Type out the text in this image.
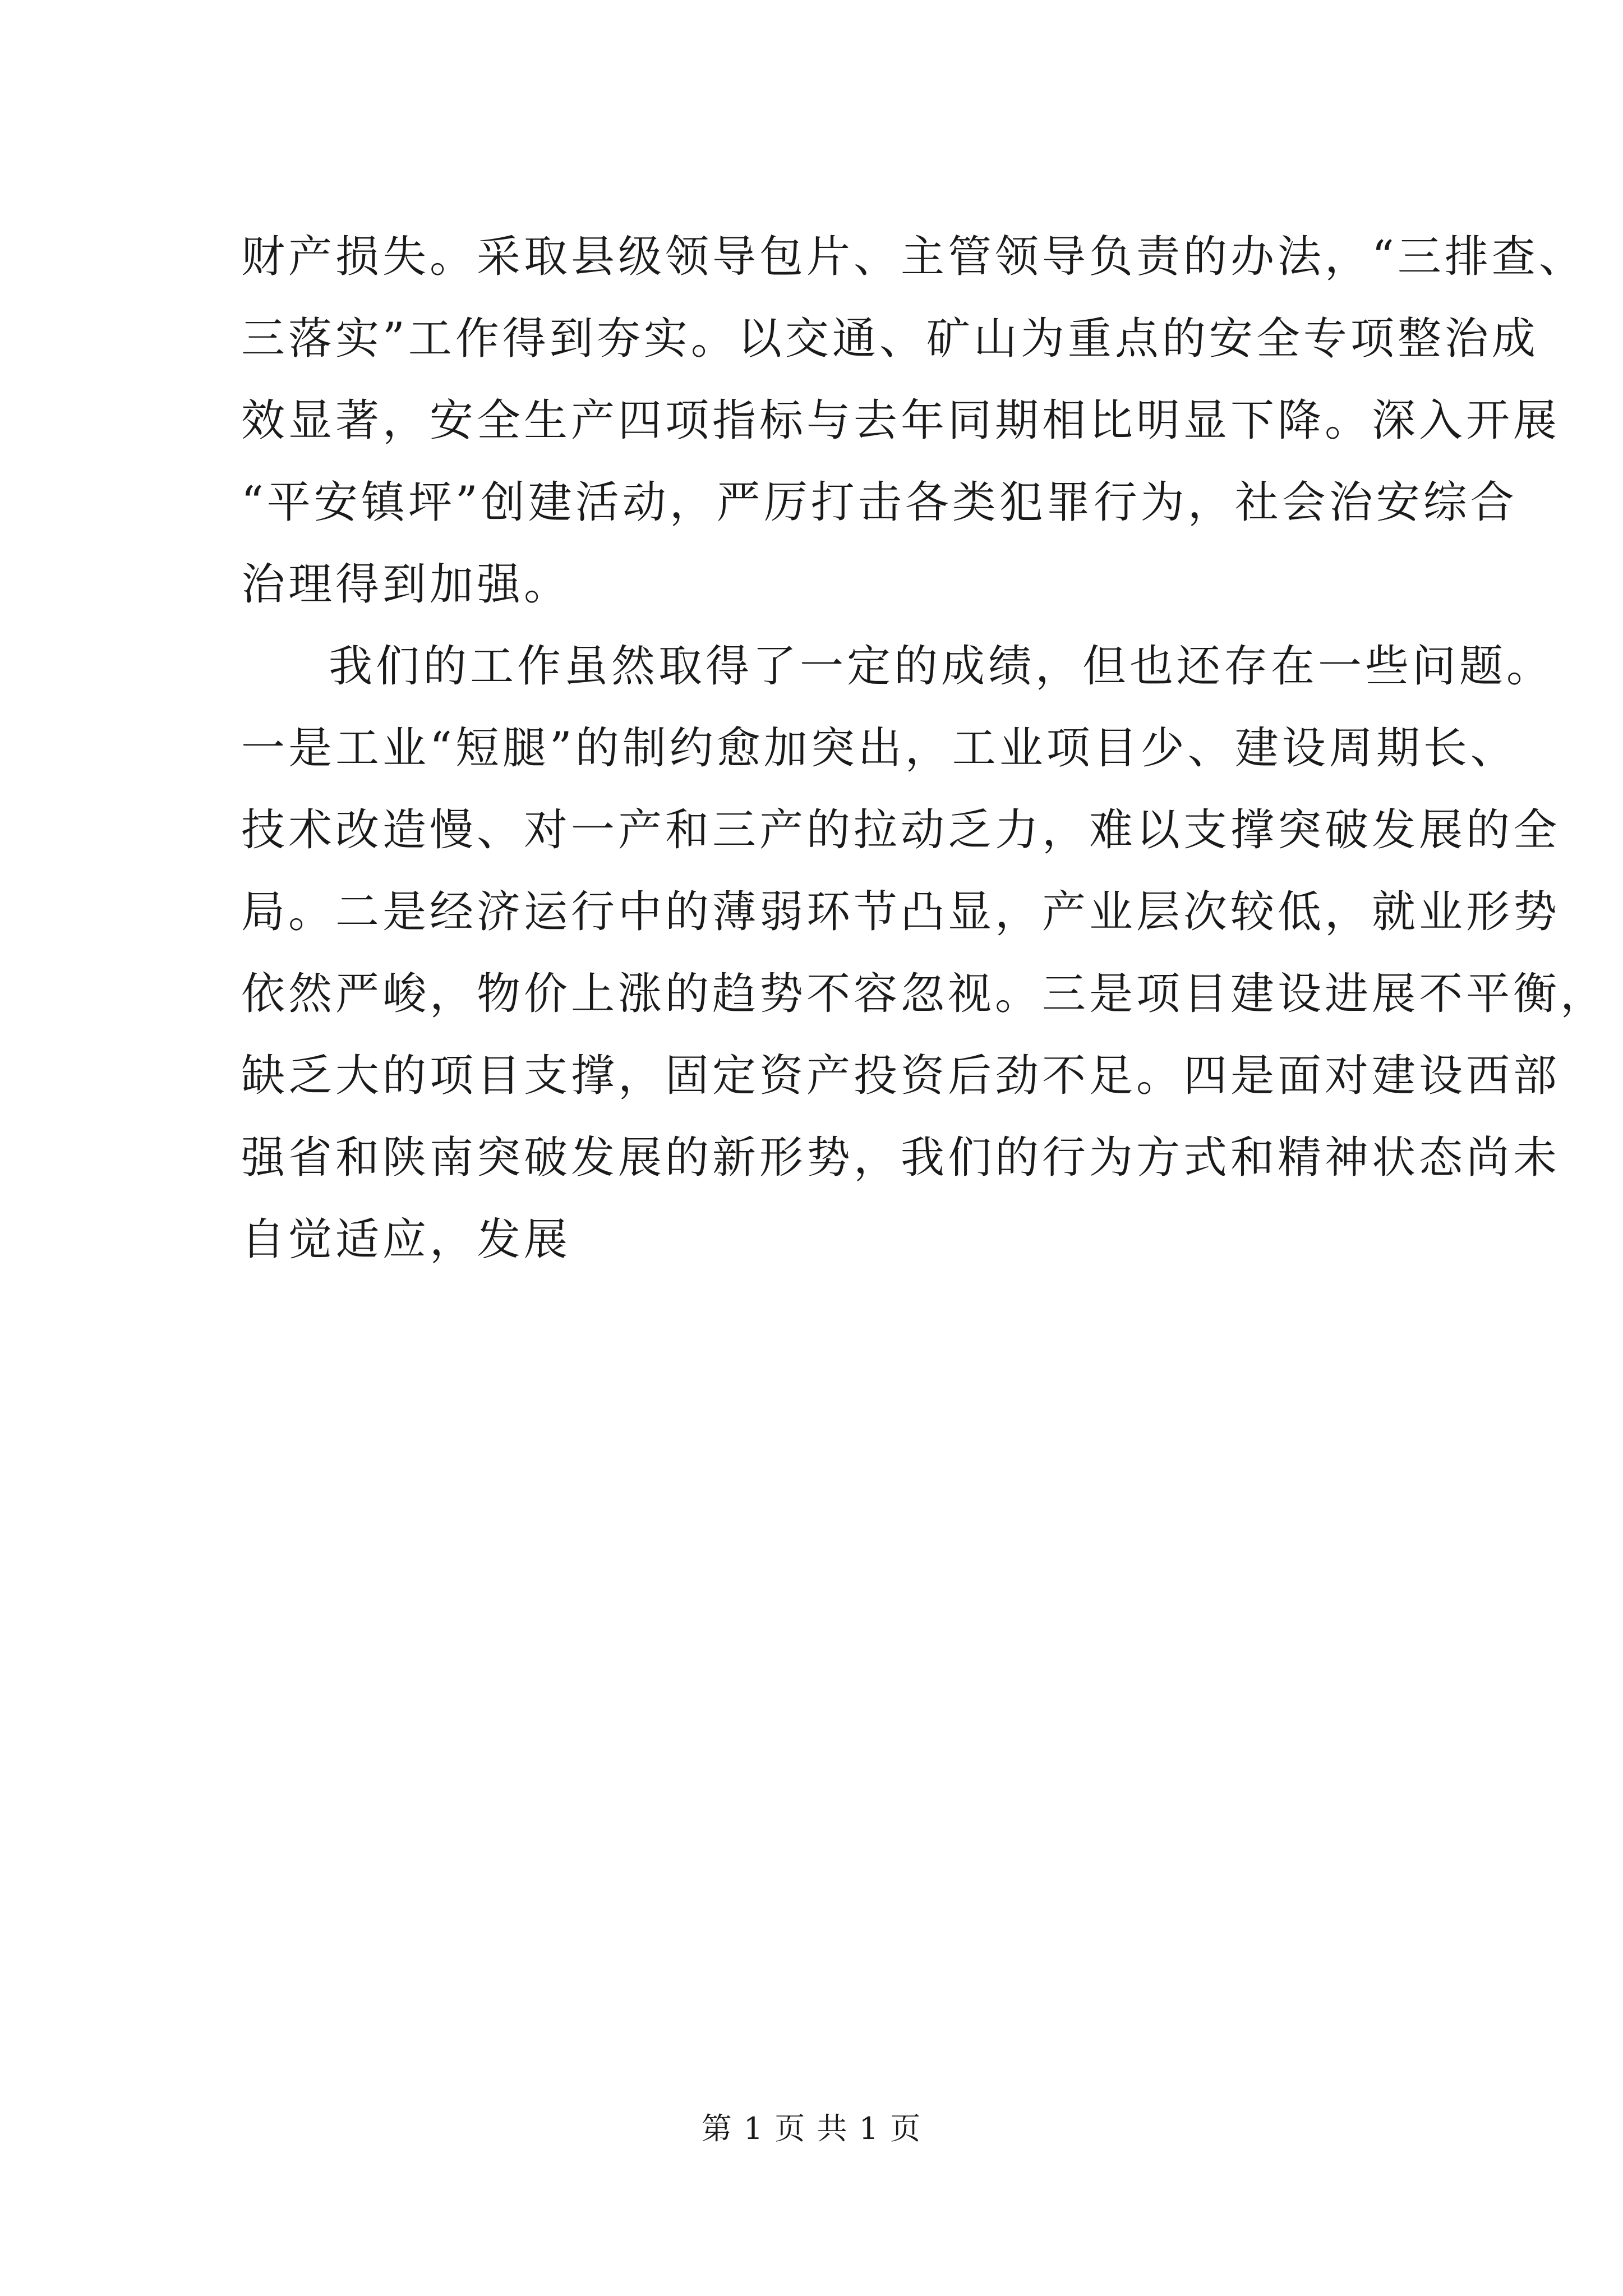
财产损失。采取县级领导包片、主管领导负责的办法，“三排查、
三落实”工作得到夯实。以交通、矿山为重点的安全专项整治成
效显著，安全生产四项指标与去年同期相比明显下降。深入开展
“平安镇坪”创建活动，严厉打击各类犯罪行为，社会治安综合
治理得到加强。
我们的工作虽然取得了一定的成绩，但也还存在一些问题。
一是工业“短腿”的制约愈加突出，工业项目少、建设周期长、
技术改造慢、对一产和三产的拉动乏力，难以支撑突破发展的全
局。二是经济运行中的薄弱环节凸显，产业层次较低，就业形势
依然严峻，物价上涨的趋势不容忽视。三是项目建设进展不平衡，
缺乏大的项目支撑，固定资产投资后劲不足。四是面对建设西部
强省和陕南突破发展的新形势，我们的行为方式和精神状态尚未
自觉适应，发展
第 1 页 共 1 页
